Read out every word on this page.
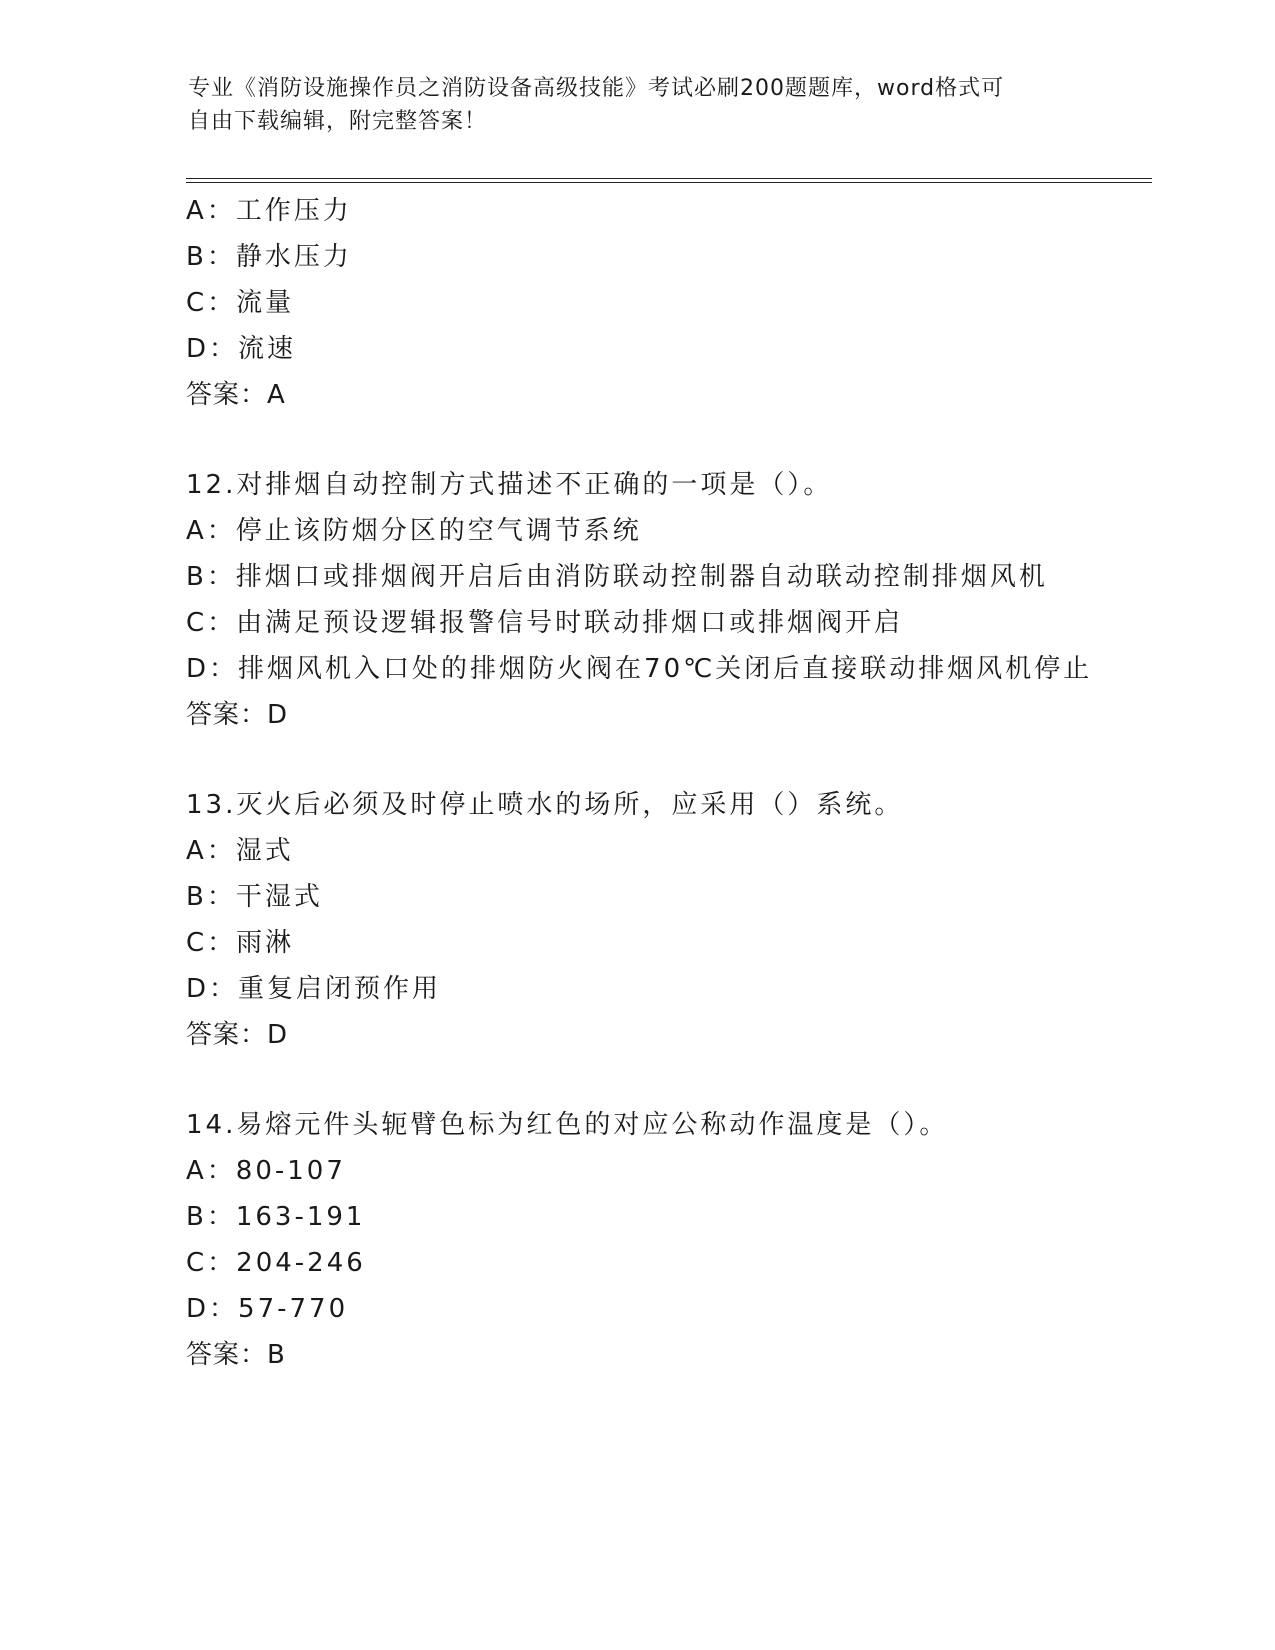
专业《消防设施操作员之消防设备高级技能》考试必刷200题题库，word格式可
自由下载编辑，附完整答案！
A：工作压力
B：静水压力
C：流量
D：流速
答案：A
12.对排烟自动控制方式描述不正确的一项是（）。
A：停止该防烟分区的空气调节系统
B：排烟口或排烟阀开启后由消防联动控制器自动联动控制排烟风机
C：由满足预设逻辑报警信号时联动排烟口或排烟阀开启
D：排烟风机入口处的排烟防火阀在70℃关闭后直接联动排烟风机停止
答案：D
13.灭火后必须及时停止喷水的场所，应采用（）系统。
A：湿式
B：干湿式
C：雨淋
D：重复启闭预作用
答案：D
14.易熔元件头轭臂色标为红色的对应公称动作温度是（）。
A：80-107
B：163-191
C：204-246
D：57-770
答案：B
